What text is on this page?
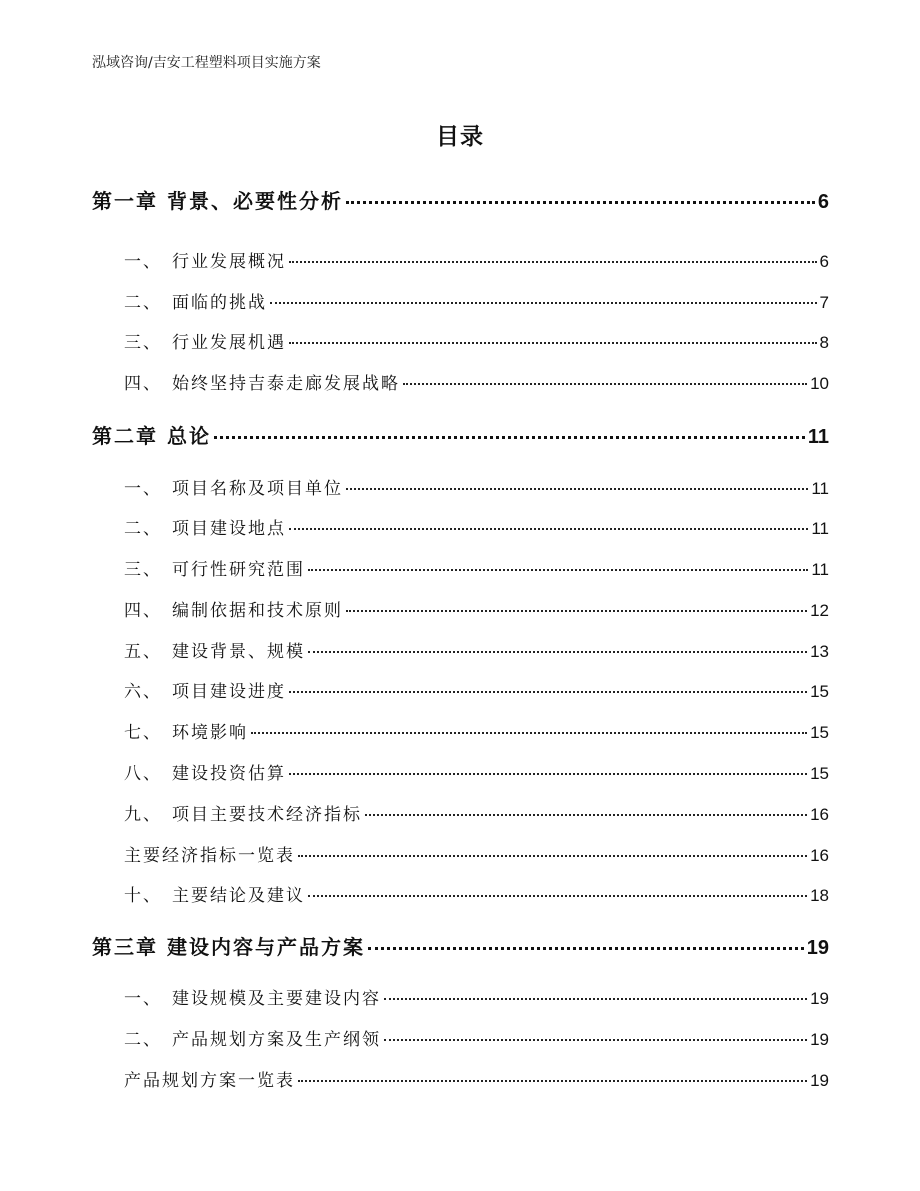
泓域咨询/吉安工程塑料项目实施方案
目录
第一章 背景、必要性分析	6
一、 行业发展概况	6
二、 面临的挑战	7
三、 行业发展机遇	8
四、 始终坚持吉泰走廊发展战略	10
第二章 总论	11
一、 项目名称及项目单位	11
二、 项目建设地点	11
三、 可行性研究范围	11
四、 编制依据和技术原则	12
五、 建设背景、规模	13
六、 项目建设进度	15
七、 环境影响	15
八、 建设投资估算	15
九、 项目主要技术经济指标	16
主要经济指标一览表	16
十、 主要结论及建议	18
第三章 建设内容与产品方案	19
一、 建设规模及主要建设内容	19
二、 产品规划方案及生产纲领	19
产品规划方案一览表	19
